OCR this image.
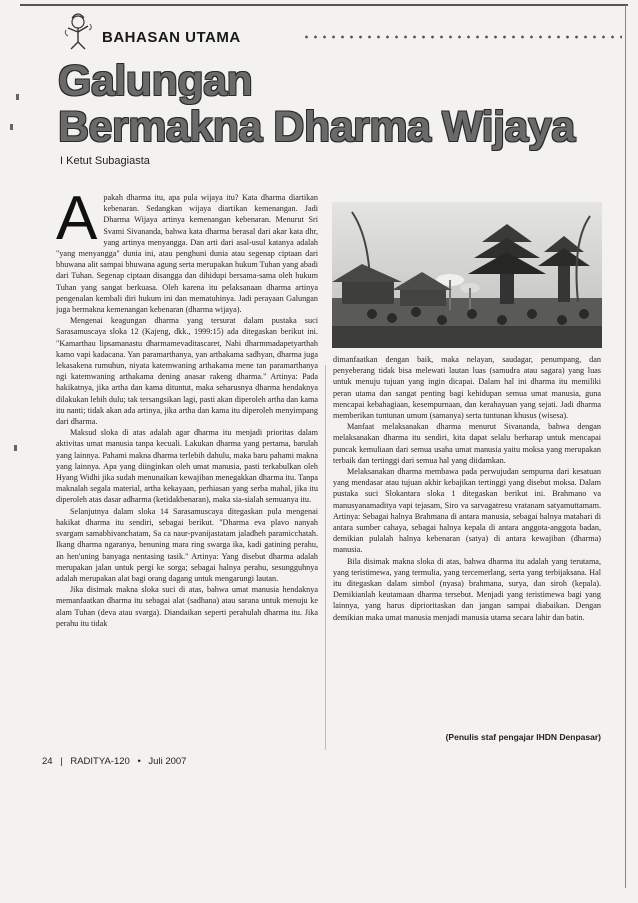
BAHASAN UTAMA
Galungan
Bermakna Dharma Wijaya
I Ketut Subagiasta

Apakah dharma itu, apa pula wijaya itu? Kata dharma diartikan kebenaran. Sedangkan wijaya diartikan kemenangan. Jadi Dharma Wijaya artinya kemenangan kebenaran. Menurut Sri Svami Sivananda, bahwa kata dharma berasal dari akar kata dhr, yang artinya menyangga. Dan arti dari asal-usul katanya adalah "yang menyangga" dunia ini, atau penghuni dunia atau segenap ciptaan dari bhuwana alit sampai bhuwana agung serta merupakan hukum Tuhan yang abadi dari Tuhan. Segenap ciptaan disangga dan dihidupi bersama-sama oleh hukum Tuhan yang sangat berkuasa. Oleh karena itu pelaksanaan dharma artinya pengenalan kembali diri hukum ini dan mematuhinya. Jadi perayaan Galungan juga bermakna kemenangan kebenaran (dharma wijaya).

Mengenai keagungan dharma yang tersurat dalam pustaka suci Sarasamuscaya sloka 12 (Kajeng, dkk., 1999:15) ada ditegaskan berikut ini. "Kamarthau lipsamanastu dharmamevaditascaret, Nahi dharmmadapetyarthah kamo vapi kadacana. Yan paramarthanya, yan arthakama sadhyan, dharma juga lekasakena rumuhun, niyata katemwaning arthakama mene tan paramarthanya ngi katemwaning arthakama dening anasar rakeng dharma." Artinya: Pada hakikatnya, jika artha dan kama dituntut, maka seharusnya dharma hendaknya dilakukan lebih dulu; tak tersangsikan lagi, pasti akan diperoleh artha dan kama itu nanti; tidak akan ada artinya, jika artha dan kama itu diperoleh menyimpang dari dharma.

Maksud sloka di atas adalah agar dharma itu menjadi prioritas dalam aktivitas umat manusia tanpa kecuali. Lakukan dharma yang pertama, barulah yang lainnya. Pahami makna dharma terlebih dahulu, maka baru pahami makna yang lainnya. Apa yang diinginkan oleh umat manusia, pasti terkabulkan oleh Hyang Widhi jika sudah menunaikan kewajiban menegakkan dharma itu. Tanpa maknalah segala material, artha kekayaan, perhiasan yang serba mahal, jika itu diperoleh atas dasar adharma (ketidakbenaran), maka sia-sialah semuanya itu.

Selanjutnya dalam sloka 14 Sarasamuscaya ditegaskan pula mengenai hakikat dharma itu sendiri, sebagai berikut. "Dharma eva plavo nanyah svargam samabhivanchatam, Sa ca naur-pvanijastatam jaladheh paramicchatah. Ikang dharma ngaranya, henuning mara ring swarga ika, kadi gatining perahu, an hen'uning banyaga nentasing tasik." Artinya: Yang disebut dharma adalah merupakan jalan untuk pergi ke sorga; sebagai halnya perahu, sesungguhnya adalah merupakan alat bagi orang dagang untuk mengarungi lautan.

Jika disimak makna sloka suci di atas, bahwa umat manusia hendaknya memanfaatkan dharma itu sebagai alat (sadhana) atau sarana untuk menuju ke alam Tuhan (deva atau svarga). Diandaikan seperti perahulah dharma itu. Jika perahu itu tidak

dimanfaatkan dengan baik, maka nelayan, saudagar, penumpang, dan penyeberang tidak bisa melewati lautan luas (samudra atau sagara) yang luas untuk menuju tujuan yang ingin dicapai. Dalam hal ini dharma itu memiliki peran utama dan sangat penting bagi kehidupan semua umat manusia, guna mencapai kebahagiaan, kesempurnaan, dan kerahayuan yang sejati. Jadi dharma memberikan tuntunan umum (samanya) serta tuntunan khusus (wisesa).

Manfaat melaksanakan dharma menurut Sivananda, bahwa dengan melaksanakan dharma itu sendiri, kita dapat selalu berharap untuk mencapai puncak kemuliaan dari semua usaha umat manusia yaitu moksa yang merupakan terbaik dan tertinggi dari semua hal yang diidamkan.

Melaksanakan dharma membawa pada perwujudan sempurna dari kesatuan yang mendasar atau tujuan akhir kebajikan tertinggi yang disebut moksa. Dalam pustaka suci Slokantara sloka 1 ditegaskan berikut ini. Brahmano va manusyanamaditya vapi tejasam, Siro va sarvagatresu vratanam satyamuttamam. Artinya: Sebagai halnya Brahmana di antara manusia, sebagai halnya matahari di antara sumber cahaya, sebagai halnya kepala di antara anggota-anggota badan, demikian pulalah halnya kebenaran (satya) di antara kewajiban (dharma) manusia.

Bila disimak makna sloka di atas, bahwa dharma itu adalah yang terutama, yang teristimewa, yang termulia, yang tercemerlang, serta yang terbijaksana. Hal itu ditegaskan dalam simbol (nyasa) brahmana, surya, dan siroh (kepala). Demikianlah keutamaan dharma tersebut. Menjadi yang teristimewa bagi yang lainnya, yang harus diprioritaskan dan jangan sampai diabaikan. Dengan demikian maka umat manusia menjadi manusia utama secara lahir dan batin.

(Penulis staf pengajar IHDN Denpasar)
24 | RADITYA-120 • Juli 2007
